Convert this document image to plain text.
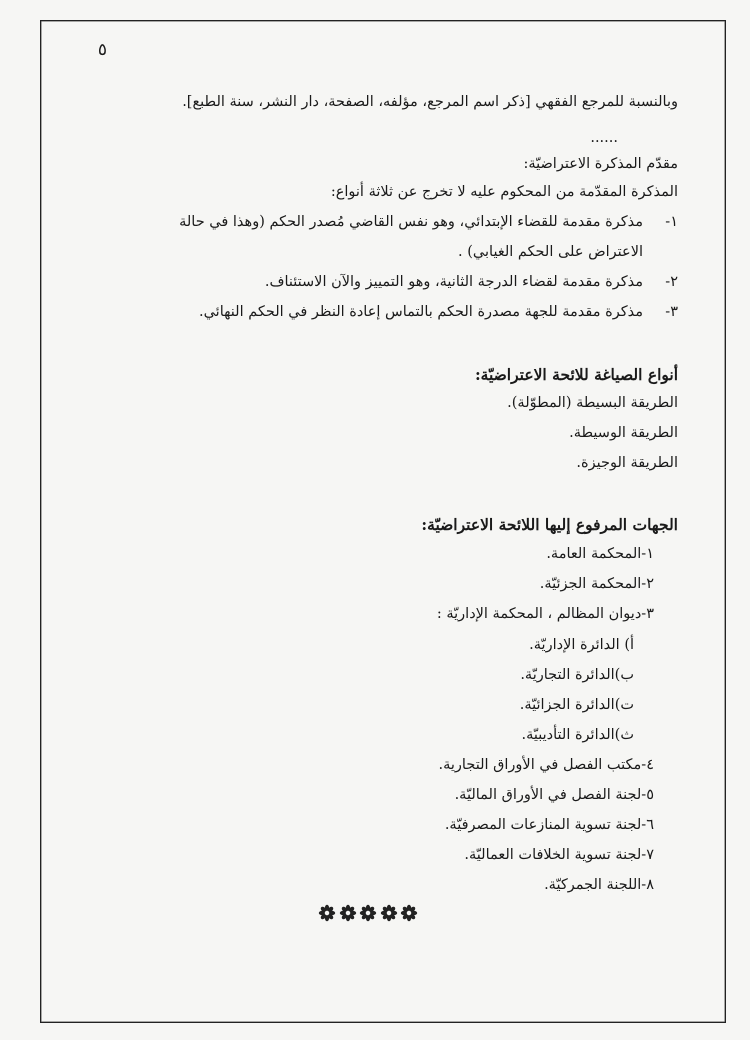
٥
وبالنسبة للمرجع الفقهي [ذكر اسم المرجع، مؤلفه، الصفحة، دار النشر، سنة الطبع].
......
مقدّم المذكرة الاعتراضيّة:
المذكرة المقدّمة من المحكوم عليه لا تخرج عن ثلاثة أنواع:
١-
مذكرة مقدمة للقضاء الإبتدائي، وهو نفس القاضي مُصدر الحكم (وهذا في حالة
الاعتراض على الحكم الغيابي) .
٢-
مذكرة مقدمة لقضاء الدرجة الثانية، وهو التمييز والآن الاستئناف.
٣-
مذكرة مقدمة للجهة مصدرة الحكم بالتماس إعادة النظر في الحكم النهائي.
أنواع الصياغة للائحة الاعتراضيّة:
الطريقة البسيطة (المطوّلة).
الطريقة الوسيطة.
الطريقة الوجيزة.
الجهات المرفوع إليها اللائحة الاعتراضيّة:
١-المحكمة العامة.
٢-المحكمة الجزئيّة.
٣-ديوان المظالم ، المحكمة الإداريّة :
أ) الدائرة الإداريّة.
ب)الدائرة التجاريّة.
ت)الدائرة الجزائيّة.
ث)الدائرة التأديبيّة.
٤-مكتب الفصل في الأوراق التجارية.
٥-لجنة الفصل في الأوراق الماليّة.
٦-لجنة تسوية المنازعات المصرفيّة.
٧-لجنة تسوية الخلافات العماليّة.
٨-اللجنة الجمركيّة.
